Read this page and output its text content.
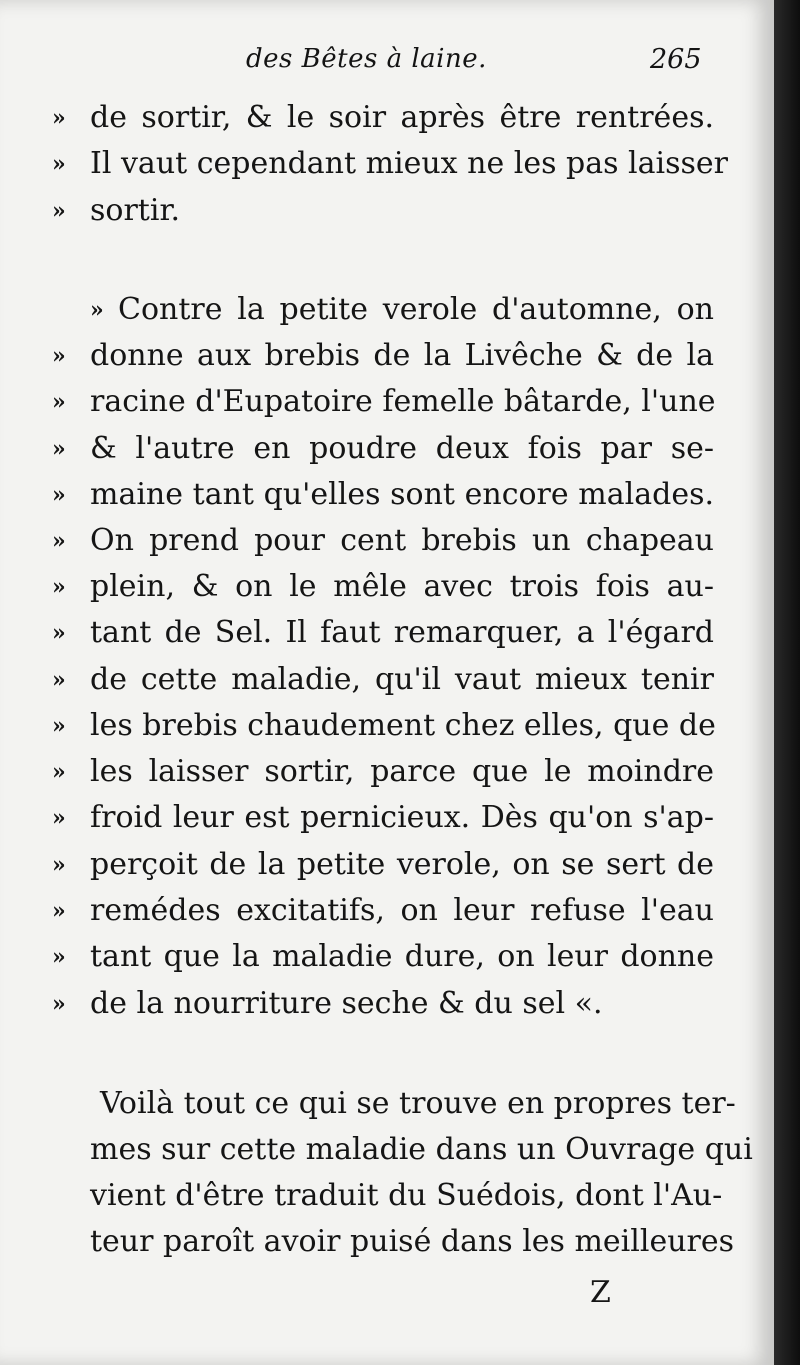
des Bêtes à laine.	265
» de sortir, & le soir après être rentrées.
» Il vaut cependant mieux ne les pas laisser
» sortir.
» Contre la petite verole d'automne, on
» donne aux brebis de la Livêche & de la
» racine d'Eupatoire femelle bâtarde, l'une
» & l'autre en poudre deux fois par se-
» maine tant qu'elles sont encore malades.
» On prend pour cent brebis un chapeau
» plein, & on le mêle avec trois fois au-
» tant de Sel. Il faut remarquer, a l'égard
» de cette maladie, qu'il vaut mieux tenir
» les brebis chaudement chez elles, que de
» les laisser sortir, parce que le moindre
» froid leur est pernicieux. Dès qu'on s'ap-
» perçoit de la petite verole, on se sert de
» remédes excitatifs, on leur refuse l'eau
» tant que la maladie dure, on leur donne
» de la nourriture seche & du sel «.
Voilà tout ce qui se trouve en propres ter-
mes sur cette maladie dans un Ouvrage qui
vient d'être traduit du Suédois, dont l'Au-
teur paroît avoir puisé dans les meilleures
Z
